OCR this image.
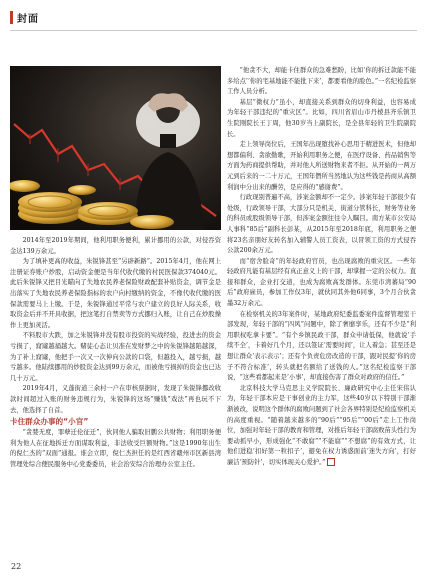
封面

2014年至2019年期间，他利用职务便利，累计挪用的公款，对侵吞资金达139万余元。

为了填补更高的收益，朱锐锋甚至“另辟新路”。2015年4月，他在网上注册证券账户炒股，启动资金便是当年代收代缴的村民医保款374040元。此后朱锐锋又把目光瞄向了失地农民养老保险财政配套补贴资金，调节金是出落实了失地农民养老保险指标的农户向村缴纳的资金，不像代收代缴的医保款需要马上上缴。于是，朱锐锋通过平常与农户建立的良好人际关系，收取资金后并不开具收据，把这笔打自禁卖等方式挪归入账，让自己在炒股操作上更加灵活。

不料股市大跌，加之朱锐锋并没有股市投资的实战经验，投进去的资金亏损了，窟窿越捅越大。赌徒心态让贝准在发财梦之中的朱锐锋越陷越深，为了补上窟窿，他把手一次又一次伸向公款的口袋，但越投入，越亏损，越亏越多。他陆续挪用的炒股资金达到99万余元，而被他亏损掉的资金也已达几十万元。

2019年4月，义蓬街道三余村一户在审核票据时，发现了朱锐锋挪改收款时间超过入账的财务违规行为，朱锐锋的这场“赚钱”戏法”再也玩不下去，他选择了自首。

卡住群众办事的“小官”

“贪婪无度，罪孽迁伦征迁”，伙同他人骗取旧鹏公共财物；利用职务便利为他人在征地拆迁方面谋取利益，非法收受巨额财物。”这是1990年出生的倪仁杰的“双面”通报。谁会立即，倪仁杰担任的是红西省赣州市区新县湾管理处综合便民服务中心党委委员，社会治安综合治理办公室主任。

“他贪不大，却能卡住群众的急难愁盼，比如‘你的拆迁款能不能多给点’‘你的宅基地能不能批下来’，都要看他的脸色。”一名纪检监察工作人员分析。

基层“微权力”虽小，却直接关系到群众的切身利益，也容易成为年轻干部违纪的“重灾区”。比如，四川省眉山市丹棱县齐乐镇卫生院刚院长王丁周，他30岁当上副院长，是全县年轻的卫生院副院长。

走上领导岗位后，王国年出现堕找补心思用于精进医术，但他却想都偏利、贪欲勤歌，开始利用职务之便，在医疗设备、药品销售等方面为药商提供帮助，并对他人所送财物来者不拒。从开始的一两万元到后来的一二十万元，王国年僭所当然地认为这些钱是药商从高额利润中分出来的酬劳，是应得的“感谢费”。

行政现别普遍不高，涉案金额却不一定少。涉案年轻干部很少有处级，行政领导干部，大部分只是机关、街道分管科长，财务等业务的科员或股级领导干部，但涉案金额往往令人瞩目。南方某市公安局人事科“85后”副科长彭某，从2015年至2018年底，利用职务之便将23名亲朋好友转名加入辅警人员工资表，以冒领工资的方式侵吞公款200余万元。

而“宿舍脸奇”的年轻政府官员，也出现腐败的重灾区。一些年轻政府凡能有基层经有真正意义上的干部，却掌握一定的公权力。直接和群众，企业打交道，也成为腐败高发群体。东莞市湾蕃局“90后”政府雇员，参加工作仅3年，就伙同其外他6同事，3个月合伙贪墨32万余元。

在检察机关的3年案件时，某地政府纪委监委案件监督管理室干部发现，年轻干部的“四风”问题中，除了奢靡享乐，还有不少是“利用职权吃拿卡要”。“有个乡镇民政干部，群众申请低保，他就说‘手续不全’，卡着好几个月，还以签证‘需要时间’，让人着急；甚至还是想让群众‘表示表示’；还有个负责危房改造的干部，跟对民提‘你的房子不符合标准’，转头就把名额给了送钱的人。”这名纪检监察干部说，“这些看都起来是‘小事’，却直接伤害了群众对政府的信任。”

北京科技大学马克思主义学院院长、廉政研究中心主任宋伟认为，年轻干部本应是干事创业的主力军，这些40岁以下特别干部渐渐被改，说明这个群体的腐败问题到了社会各界特别是纪检监察机关的高度重视。“随着越来越多的“90后”“95后”“00后”走上工作岗位，加强对年轻干部的教育和管理，对推后年轻干部腐败苗头性行为要动抓早小，形成强化“不敢腐”“不能腐”“不想腐”的有效方式，让他们进稳‘扣好第一粒扣子’，避免在权力诱惑面前‘迷失方向’，打好廉洁‘预防针’，切实体现关心爱护。”

22
